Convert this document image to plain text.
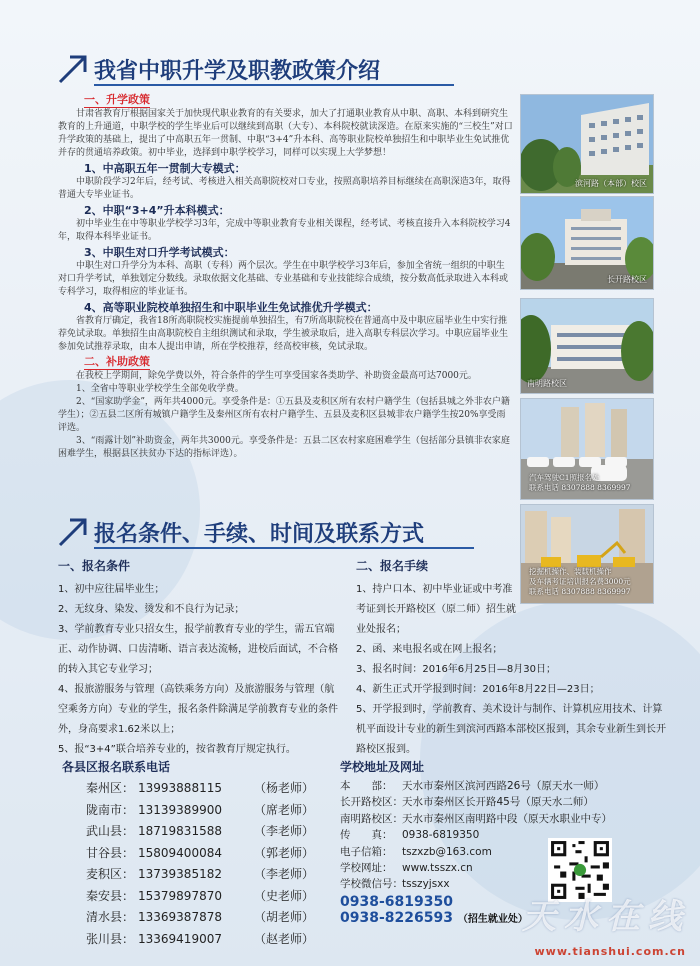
我省中职升学及职教政策介绍
一、升学政策

甘肃省教育厅根据国家关于加快现代职业教育的有关要求，加大了打通职业教育从中职、高职、本科到研究生教育的上升通道，中职学校的学生毕业后可以继续到高职（大专）、本科院校就读深造。在原来实施的“三校生”对口升学政策的基础上，提出了中高职五年一贯制、中职“3+4”升本科、高等职业院校单独招生和中职毕业生免试推优并存的贯通培养政策。初中毕业，选择到中职学校学习，同样可以实现上大学梦想！

1、中高职五年一贯制大专模式：

中职阶段学习2年后，经考试、考核进入相关高职院校对口专业，按照高职培养目标继续在高职深造3年，取得普通大专毕业证书。

2、中职“3+4”升本科模式：

初中毕业生在中等职业学校学习3年，完成中等职业教育专业相关课程，经考试、考核直接升入本科院校学习4年，取得本科毕业证书。

3、中职生对口升学考试模式：

中职生对口升学分为本科、高职（专科）两个层次。学生在中职学校学习3年后，参加全省统一组织的中职生对口升学考试，单独划定分数线。录取依据文化基础、专业基础和专业技能综合成绩，按分数高低录取进入本科或专科学习，取得相应的毕业证书。

4、高等职业院校单独招生和中职毕业生免试推优升学模式：

省教育厅确定，我省18所高职院校实施提前单独招生，有7所高职院校在普通高中及中职应届毕业生中实行推荐免试录取。单独招生由高职院校自主组织测试和录取，学生被录取后，进入高职专科层次学习。中职应届毕业生参加免试推荐录取，由本人提出申请，所在学校推荐，经高校审核，免试录取。

二、补助政策

在我校上学期间，除免学费以外，符合条件的学生可享受国家各类助学、补助资金最高可达7000元。

1、全省中等职业学校学生全部免收学费。

2、“国家助学金”，两年共4000元。享受条件是：①五县及麦积区所有农村户籍学生（包括县城之外非农户籍学生）；②五县二区所有城镇户籍学生及秦州区所有农村户籍学生、五县及麦积区县城非农户籍学生按20%享受雨评选。

3、“雨露计划”补助资金，两年共3000元。享受条件是：五县二区农村家庭困难学生（包括部分县镇非农家庭困难学生，根据县区扶贫办下达的指标评选）。

滨河路（本部）校区
长开路校区
南明路校区
汽车驾驶C1照报名处
联系电话 8307888 8369997
挖掘机操作、装载机操作
及车辆考证培训报名费3000元
联系电话 8307888 8369997
报名条件、手续、时间及联系方式
一、报名条件

1、初中应往届毕业生；

2、无纹身、染发、烫发和不良行为记录；

3、学前教育专业只招女生，报学前教育专业的学生，需五官端

正、动作协调、口齿清晰、语言表达流畅，进校后面试，不合格

的转入其它专业学习；

4、报旅游服务与管理（高铁乘务方向）及旅游服务与管理（航

空乘务方向）专业的学生，报名条件除满足学前教育专业的条件

外，身高要求1.62米以上；

5、报“3+4”联合培养专业的，按省教育厅规定执行。

二、报名手续

1、持户口本、初中毕业证或中考准

考证到长开路校区（原二师）招生就

业处报名；

2、函、来电报名或在网上报名；

3、报名时间：2016年6月25日—8月30日；

4、新生正式开学报到时间：2016年8月22日—23日；

5、开学报到时，学前教育、美术设计与制作、计算机应用技术、计算

机平面设计专业的新生到滨河西路本部校区报到，其余专业新生到长开

路校区报到。

各县区报名联系电话
秦州区： 13993888115	（杨老师）
陇南市： 13139389900	（席老师）
武山县： 18719831588	（李老师）
甘谷县： 15809400084	（郭老师）
麦积区： 13739385182	（李老师）
秦安县： 15379897870	（史老师）
清水县： 13369387878	（胡老师）
张川县： 13369419007	（赵老师）
学校地址及网址
本　　部： 天水市秦州区滨河西路26号（原天水一师）
长开路校区：天水市秦州区长开路45号（原天水二师）
南明路校区：天水市秦州区南明路中段（原天水职业中专）
传　　真： 0938-6819350
电子信箱： tszxzb@163.com
学校网址： www.tsszx.cn
学校微信号：tsszyjsxx
0938-6819350
0938-8226593 （招生就业处）
天水在线
www.tianshui.com.cn
